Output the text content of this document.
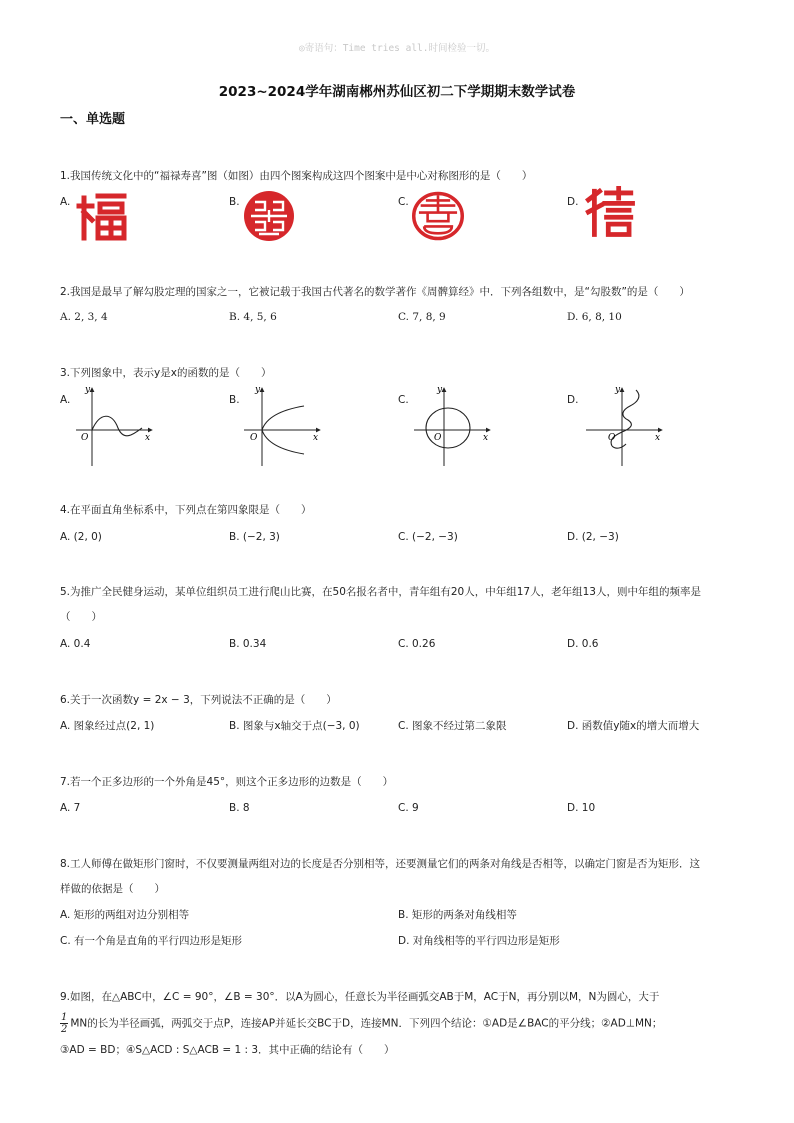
◎寄语句：Time tries all.时间检验一切。
2023~2024学年湖南郴州苏仙区初二下学期期末数学试卷
一、单选题
1.我国传统文化中的“福禄寿喜”图（如图）由四个图案构成这四个图案中是中心对称图形的是（　　）
A.	B.	C.	D.
2.我国是最早了解勾股定理的国家之一，它被记载于我国古代著名的数学著作《周髀算经》中．下列各组数中，是“勾股数”的是（　　）
A. 2, 3, 4	B. 4, 5, 6	C. 7, 8, 9	D. 6, 8, 10
3.下列图象中，表示y是x的函数的是（　　）
A.	B.	C.	D.
y
x
O
y
x
O
y
x
O
y
x
O
4.在平面直角坐标系中，下列点在第四象限是（　　）
A. (2, 0)	B. (−2, 3)	C. (−2, −3)	D. (2, −3)
5.为推广全民健身运动，某单位组织员工进行爬山比赛，在50名报名者中，青年组有20人，中年组17人，老年组13人，则中年组的频率是
（　　）
A. 0.4	B. 0.34	C. 0.26	D. 0.6
6.关于一次函数y = 2x − 3，下列说法不正确的是（　　）
A. 图象经过点(2, 1)	B. 图象与x轴交于点(−3, 0)	C. 图象不经过第二象限	D. 函数值y随x的增大而增大
7.若一个正多边形的一个外角是45°，则这个正多边形的边数是（　　）
A. 7	B. 8	C. 9	D. 10
8.工人师傅在做矩形门窗时，不仅要测量两组对边的长度是否分别相等，还要测量它们的两条对角线是否相等，以确定门窗是否为矩形．这
样做的依据是（　　）
A. 矩形的两组对边分别相等	B. 矩形的两条对角线相等
C. 有一个角是直角的平行四边形是矩形	D. 对角线相等的平行四边形是矩形
9.如图，在△ABC中，∠C = 90°，∠B = 30°．以A为圆心，任意长为半径画弧交AB于M，AC于N，再分别以M，N为圆心，大于
$\frac{1}{2}$ MN的长为半径画弧，两弧交于点P，连接AP并延长交BC于D，连接MN．下列四个结论：①AD是∠BAC的平分线；②AD⊥MN；
③AD = BD；④S△ACD : S△ACB = 1 : 3．其中正确的结论有（　　）
